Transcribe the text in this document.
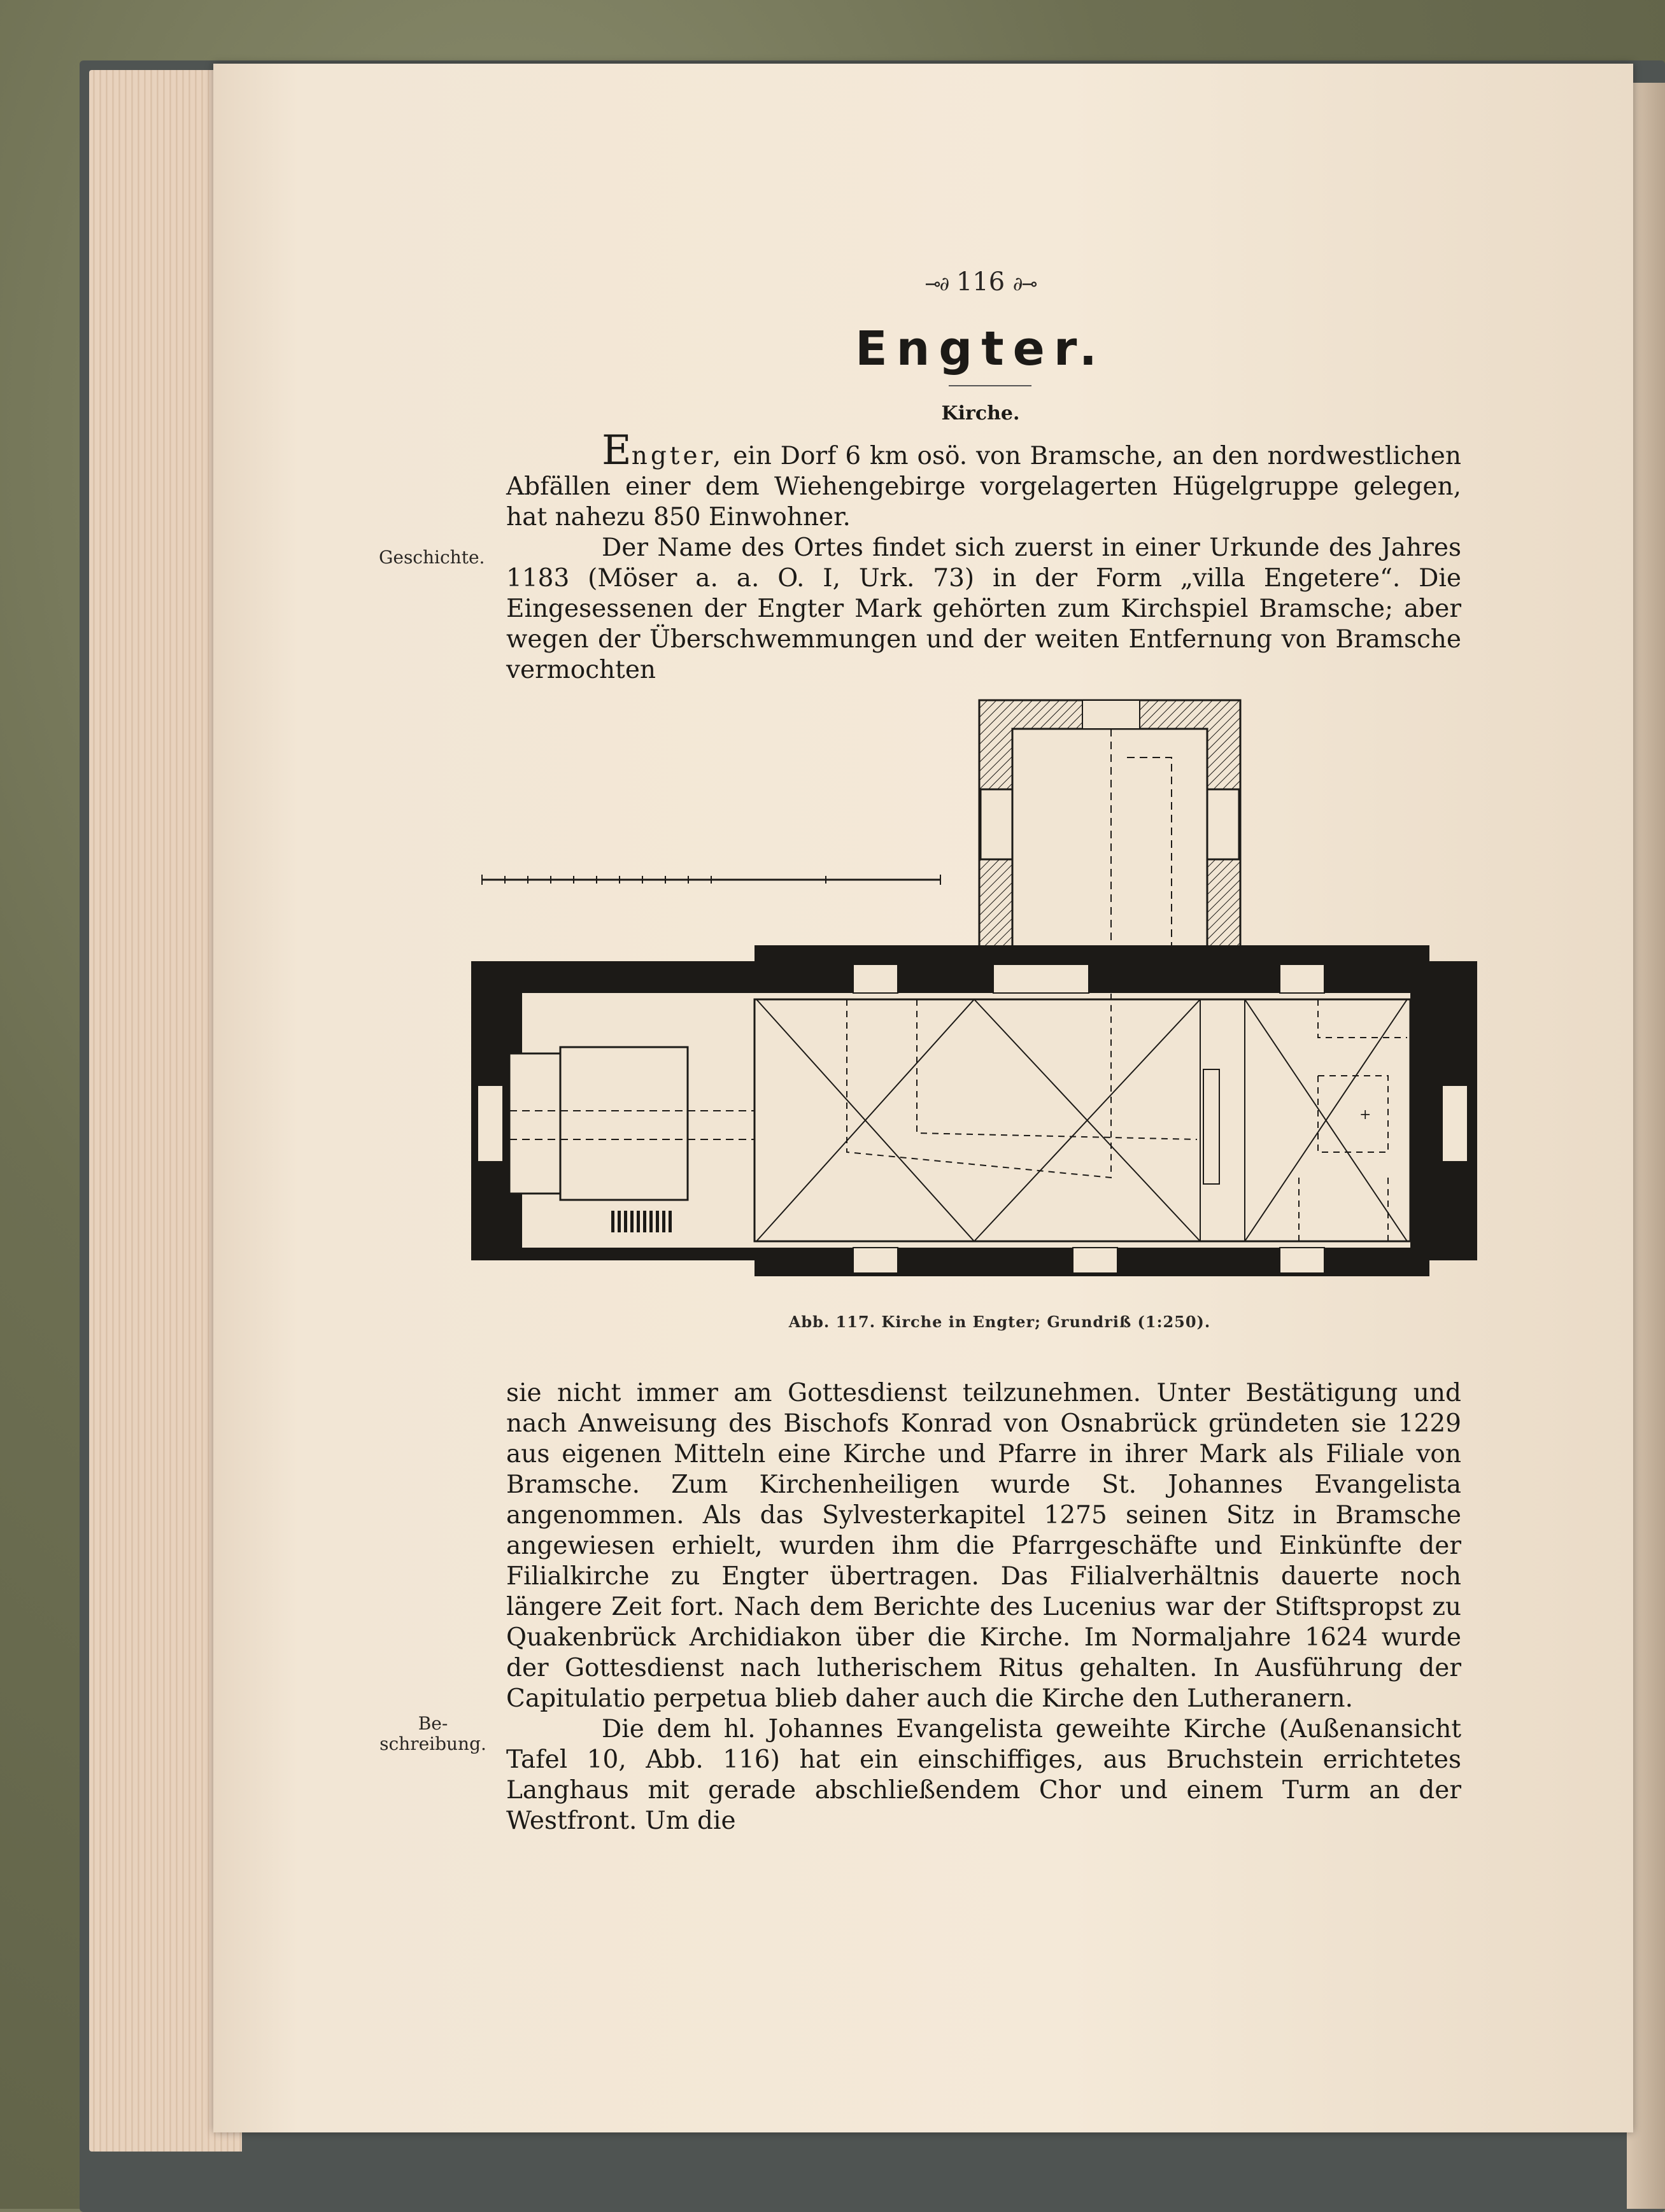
⊸∂ 116 ∂⊸
Engter.
Kirche.

Engter, ein Dorf 6 km osö. von Bramsche, an den nordwestlichen Abfällen einer dem Wiehengebirge vorgelagerten Hügelgruppe gelegen, hat nahezu 850 Einwohner.

Der Name des Ortes findet sich zuerst in einer Urkunde des Jahres 1183 (Möser a. a. O. I, Urk. 73) in der Form „villa Engetere“. Die Eingesessenen der Engter Mark gehörten zum Kirchspiel Bramsche; aber wegen der Überschwemmungen und der weiten Entfernung von Bramsche vermochten

Geschichte.
+
Abb. 117. Kirche in Engter; Grundriß (1:250).

sie nicht immer am Gottesdienst teilzunehmen. Unter Bestätigung und nach Anweisung des Bischofs Konrad von Osnabrück gründeten sie 1229 aus eigenen Mitteln eine Kirche und Pfarre in ihrer Mark als Filiale von Bramsche. Zum Kirchenheiligen wurde St. Johannes Evangelista angenommen. Als das Sylvesterkapitel 1275 seinen Sitz in Bramsche angewiesen erhielt, wurden ihm die Pfarrgeschäfte und Einkünfte der Filialkirche zu Engter übertragen. Das Filialverhältnis dauerte noch längere Zeit fort. Nach dem Berichte des Lucenius war der Stiftspropst zu Quakenbrück Archidiakon über die Kirche. Im Normaljahre 1624 wurde der Gottesdienst nach lutherischem Ritus gehalten. In Ausführung der Capitulatio perpetua blieb daher auch die Kirche den Lutheranern.

Die dem hl. Johannes Evangelista geweihte Kirche (Außenansicht Tafel 10, Abb. 116) hat ein einschiffiges, aus Bruchstein errichtetes Langhaus mit gerade abschließendem Chor und einem Turm an der Westfront. Um die

Be-
schreibung.
